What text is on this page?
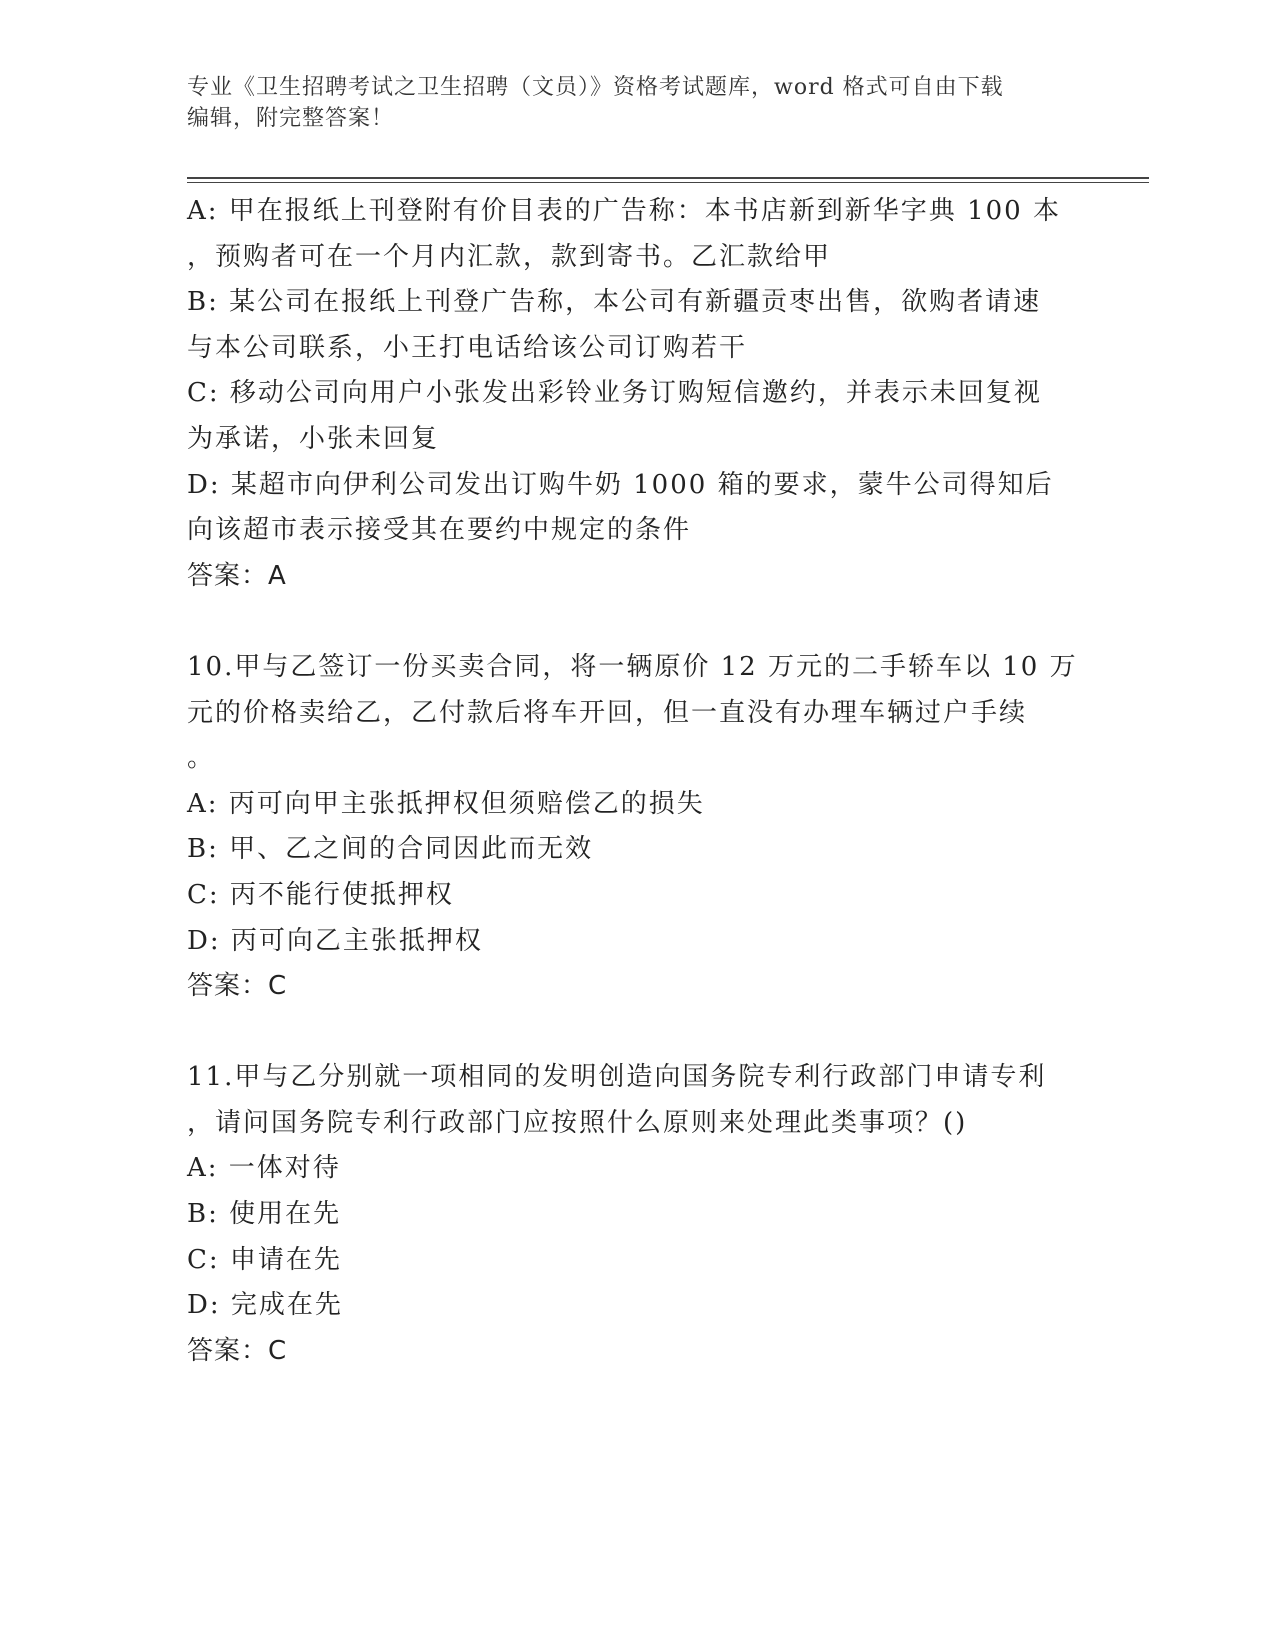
专业《卫生招聘考试之卫生招聘（文员）》资格考试题库，word 格式可自由下载
编辑，附完整答案！
A: 甲在报纸上刊登附有价目表的广告称：本书店新到新华字典 100 本
，预购者可在一个月内汇款，款到寄书。乙汇款给甲
B: 某公司在报纸上刊登广告称，本公司有新疆贡枣出售，欲购者请速
与本公司联系，小王打电话给该公司订购若干
C: 移动公司向用户小张发出彩铃业务订购短信邀约，并表示未回复视
为承诺，小张未回复
D: 某超市向伊利公司发出订购牛奶 1000 箱的要求，蒙牛公司得知后
向该超市表示接受其在要约中规定的条件
答案：A
10.甲与乙签订一份买卖合同，将一辆原价 12 万元的二手轿车以 10 万
元的价格卖给乙，乙付款后将车开回，但一直没有办理车辆过户手续
。
A: 丙可向甲主张抵押权但须赔偿乙的损失
B: 甲、乙之间的合同因此而无效
C: 丙不能行使抵押权
D: 丙可向乙主张抵押权
答案：C
11.甲与乙分别就一项相同的发明创造向国务院专利行政部门申请专利
，请问国务院专利行政部门应按照什么原则来处理此类事项？()
A: 一体对待
B: 使用在先
C: 申请在先
D: 完成在先
答案：C
